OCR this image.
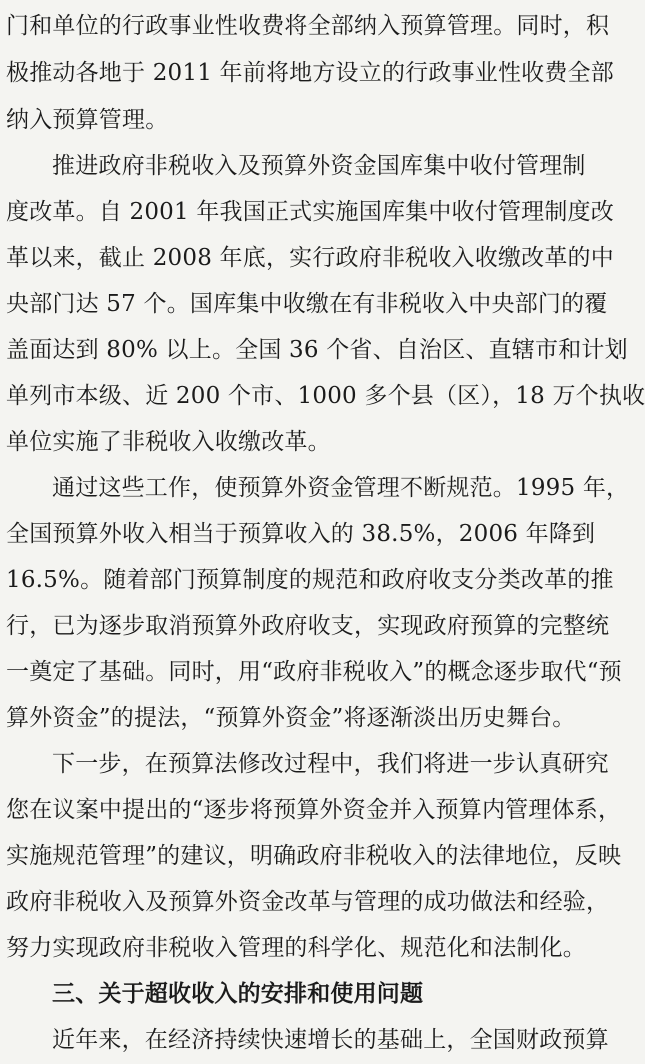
门和单位的行政事业性收费将全部纳入预算管理。同时，积
极推动各地于 2011 年前将地方设立的行政事业性收费全部
纳入预算管理。
推进政府非税收入及预算外资金国库集中收付管理制
度改革。自 2001 年我国正式实施国库集中收付管理制度改
革以来，截止 2008 年底，实行政府非税收入收缴改革的中
央部门达 57 个。国库集中收缴在有非税收入中央部门的覆
盖面达到 80% 以上。全国 36 个省、自治区、直辖市和计划
单列市本级、近 200 个市、1000 多个县（区），18 万个执收
单位实施了非税收入收缴改革。
通过这些工作，使预算外资金管理不断规范。1995 年，
全国预算外收入相当于预算收入的 38.5%，2006 年降到
16.5%。随着部门预算制度的规范和政府收支分类改革的推
行，已为逐步取消预算外政府收支，实现政府预算的完整统
一奠定了基础。同时，用“政府非税收入”的概念逐步取代“预
算外资金”的提法，“预算外资金”将逐渐淡出历史舞台。
下一步，在预算法修改过程中，我们将进一步认真研究
您在议案中提出的“逐步将预算外资金并入预算内管理体系，
实施规范管理”的建议，明确政府非税收入的法律地位，反映
政府非税收入及预算外资金改革与管理的成功做法和经验，
努力实现政府非税收入管理的科学化、规范化和法制化。
三、关于超收收入的安排和使用问题
近年来，在经济持续快速增长的基础上，全国财政预算
